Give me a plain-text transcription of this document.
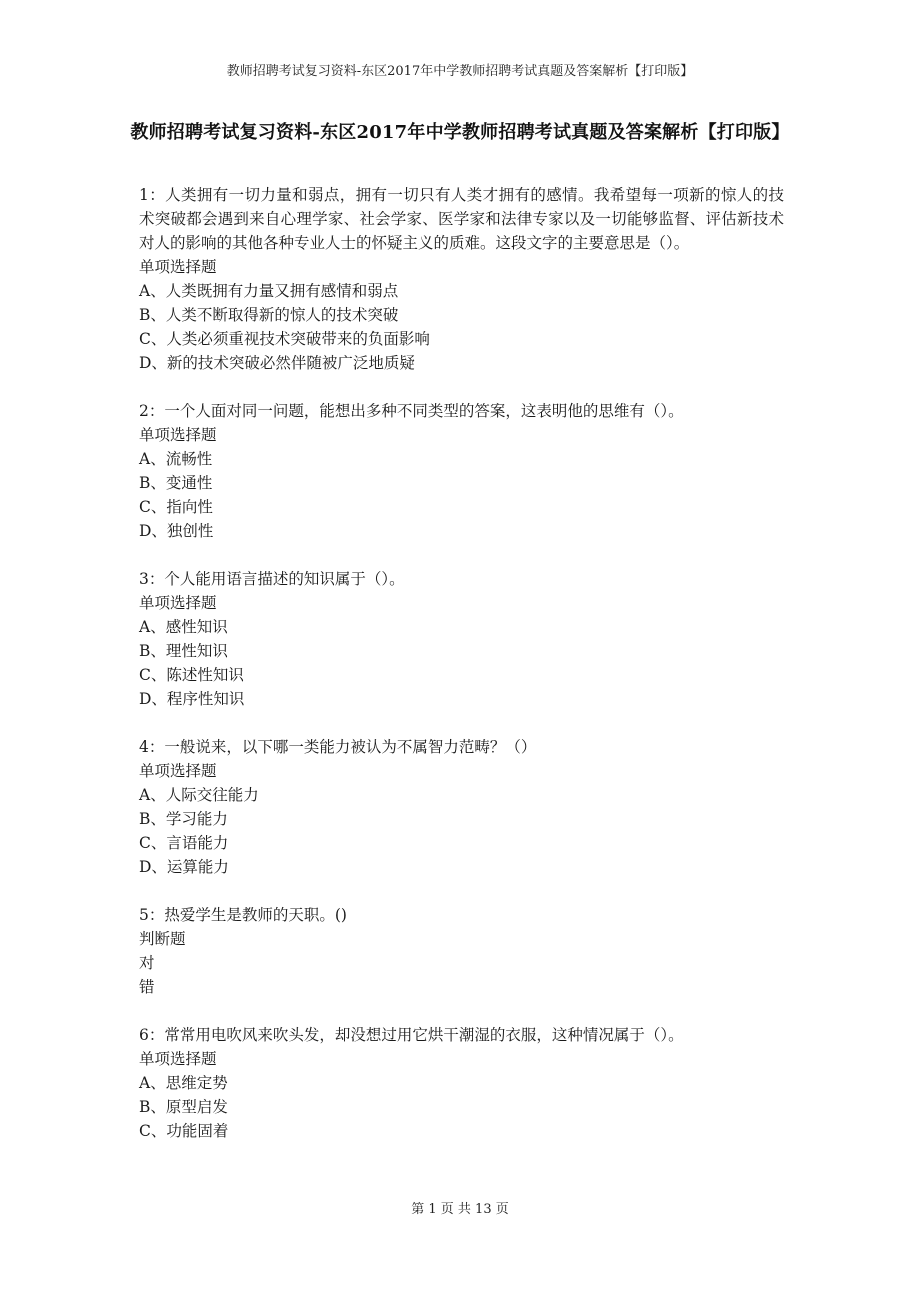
教师招聘考试复习资料-东区2017年中学教师招聘考试真题及答案解析【打印版】
教师招聘考试复习资料-东区2017年中学教师招聘考试真题及答案解析【打印版】

1：人类拥有一切力量和弱点，拥有一切只有人类才拥有的感情。我希望每一项新的惊人的技术突破都会遇到来自心理学家、社会学家、医学家和法律专家以及一切能够监督、评估新技术对人的影响的其他各种专业人士的怀疑主义的质难。这段文字的主要意思是（）。

单项选择题

A、人类既拥有力量又拥有感情和弱点

B、人类不断取得新的惊人的技术突破

C、人类必须重视技术突破带来的负面影响

D、新的技术突破必然伴随被广泛地质疑

2：一个人面对同一问题，能想出多种不同类型的答案，这表明他的思维有（）。

单项选择题

A、流畅性

B、变通性

C、指向性

D、独创性

3：个人能用语言描述的知识属于（）。

单项选择题

A、感性知识

B、理性知识

C、陈述性知识

D、程序性知识

4：一般说来，以下哪一类能力被认为不属智力范畴？（）

单项选择题

A、人际交往能力

B、学习能力

C、言语能力

D、运算能力

5：热爱学生是教师的天职。()

判断题

对

错

6：常常用电吹风来吹头发，却没想过用它烘干潮湿的衣服，这种情况属于（）。

单项选择题

A、思维定势

B、原型启发

C、功能固着

第 1 页 共 13 页
